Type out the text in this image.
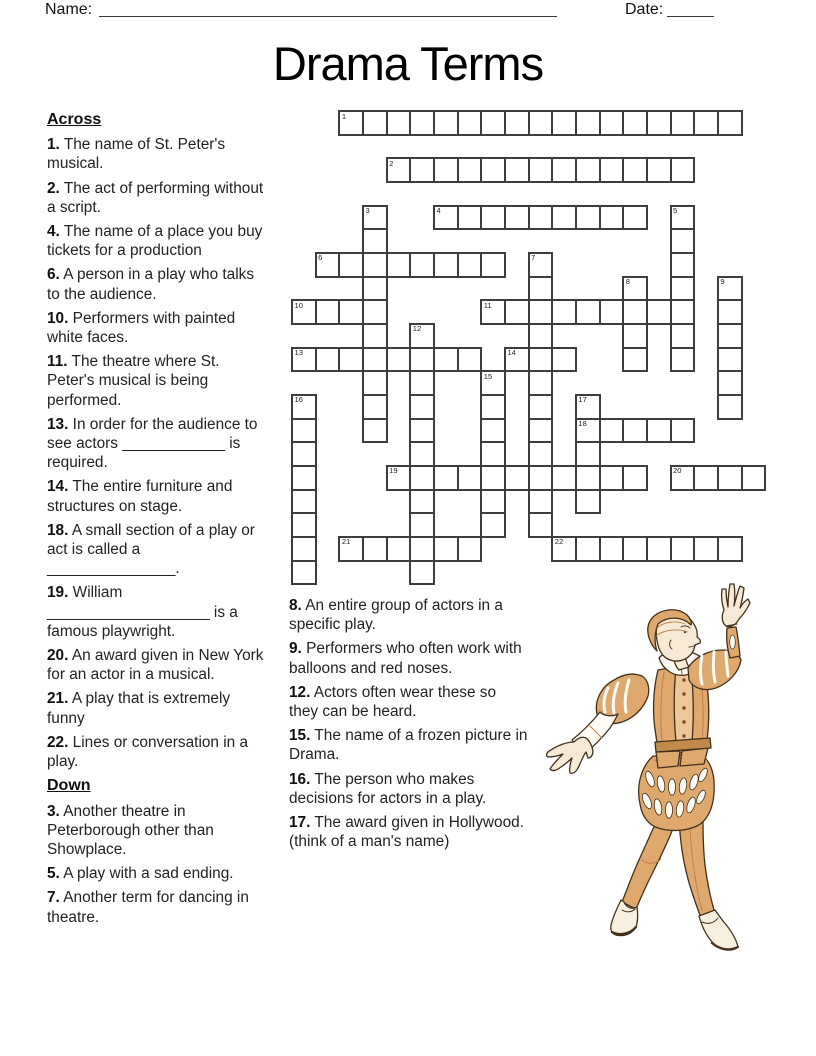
Name:	Date:
Drama Terms
Across
1. The name of St. Peter's musical.
2. The act of performing without a script.
4. The name of a place you buy tickets for a production
6. A person in a play who talks to the audience.
10. Performers with painted white faces.
11. The theatre where St. Peter's musical is being performed.
13. In order for the audience to see actors ____________ is required.
14. The entire furniture and structures on stage.
18. A small section of a play or act is called a _______________.
19. William ___________________ is a famous playwright.
20. An award given in New York for an actor in a musical.
21. A play that is extremely funny
22. Lines or conversation in a play.
Down
3. Another theatre in Peterborough other than Showplace.
5. A play with a sad ending.
7. Another term for dancing in theatre.
8. An entire group of actors in a specific play.
9. Performers who often work with balloons and red noses.
12. Actors often wear these so they can be heard.
15. The name of a frozen picture in Drama.
16. The person who makes decisions for actors in a play.
17. The award given in Hollywood. (think of a man's name)
1
2
3	4	5
6	7
8	9
10	11
12
13	14
15
16	17
18
19	20
21	22
